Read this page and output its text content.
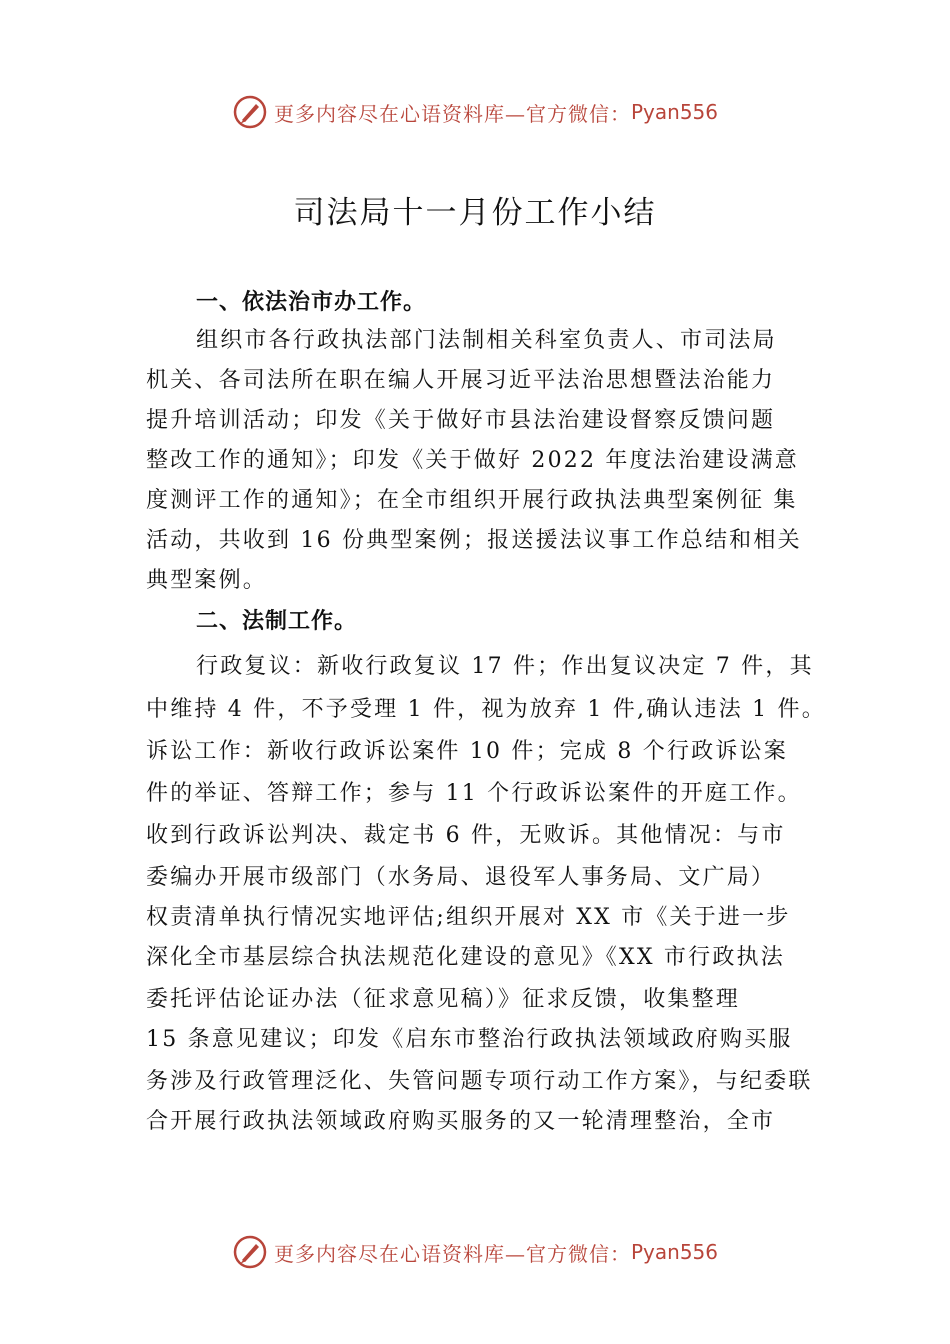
更多内容尽在心语资料库—官方微信： Pyan556
司法局十一月份工作小结
一、依法治市办工作。

组织市各行政执法部门法制相关科室负责人、市司法局

机关、各司法所在职在编人开展习近平法治思想暨法治能力

提升培训活动；印发《关于做好市县法治建设督察反馈问题

整改工作的通知》；印发《关于做好 2022 年度法治建设满意

度测评工作的通知》；在全市组织开展行政执法典型案例征 集

活动，共收到 16 份典型案例；报送援法议事工作总结和相关

典型案例。

二、法制工作。

行政复议：新收行政复议 17 件；作出复议决定 7 件，其

中维持 4 件，不予受理 1 件，视为放弃 1 件,确认违法 1 件。

诉讼工作：新收行政诉讼案件 10 件；完成 8 个行政诉讼案

件的举证、答辩工作；参与 11 个行政诉讼案件的开庭工作。

收到行政诉讼判决、裁定书 6 件，无败诉。其他情况：与市

委编办开展市级部门（水务局、退役军人事务局、文广局）

权责清单执行情况实地评估;组织开展对 XX 市《关于进一步

深化全市基层综合执法规范化建设的意见》《XX 市行政执法

委托评估论证办法（征求意见稿）》征求反馈，收集整理

15 条意见建议；印发《启东市整治行政执法领域政府购买服

务涉及行政管理泛化、失管问题专项行动工作方案》，与纪委联

合开展行政执法领域政府购买服务的又一轮清理整治，全市

更多内容尽在心语资料库—官方微信： Pyan556
